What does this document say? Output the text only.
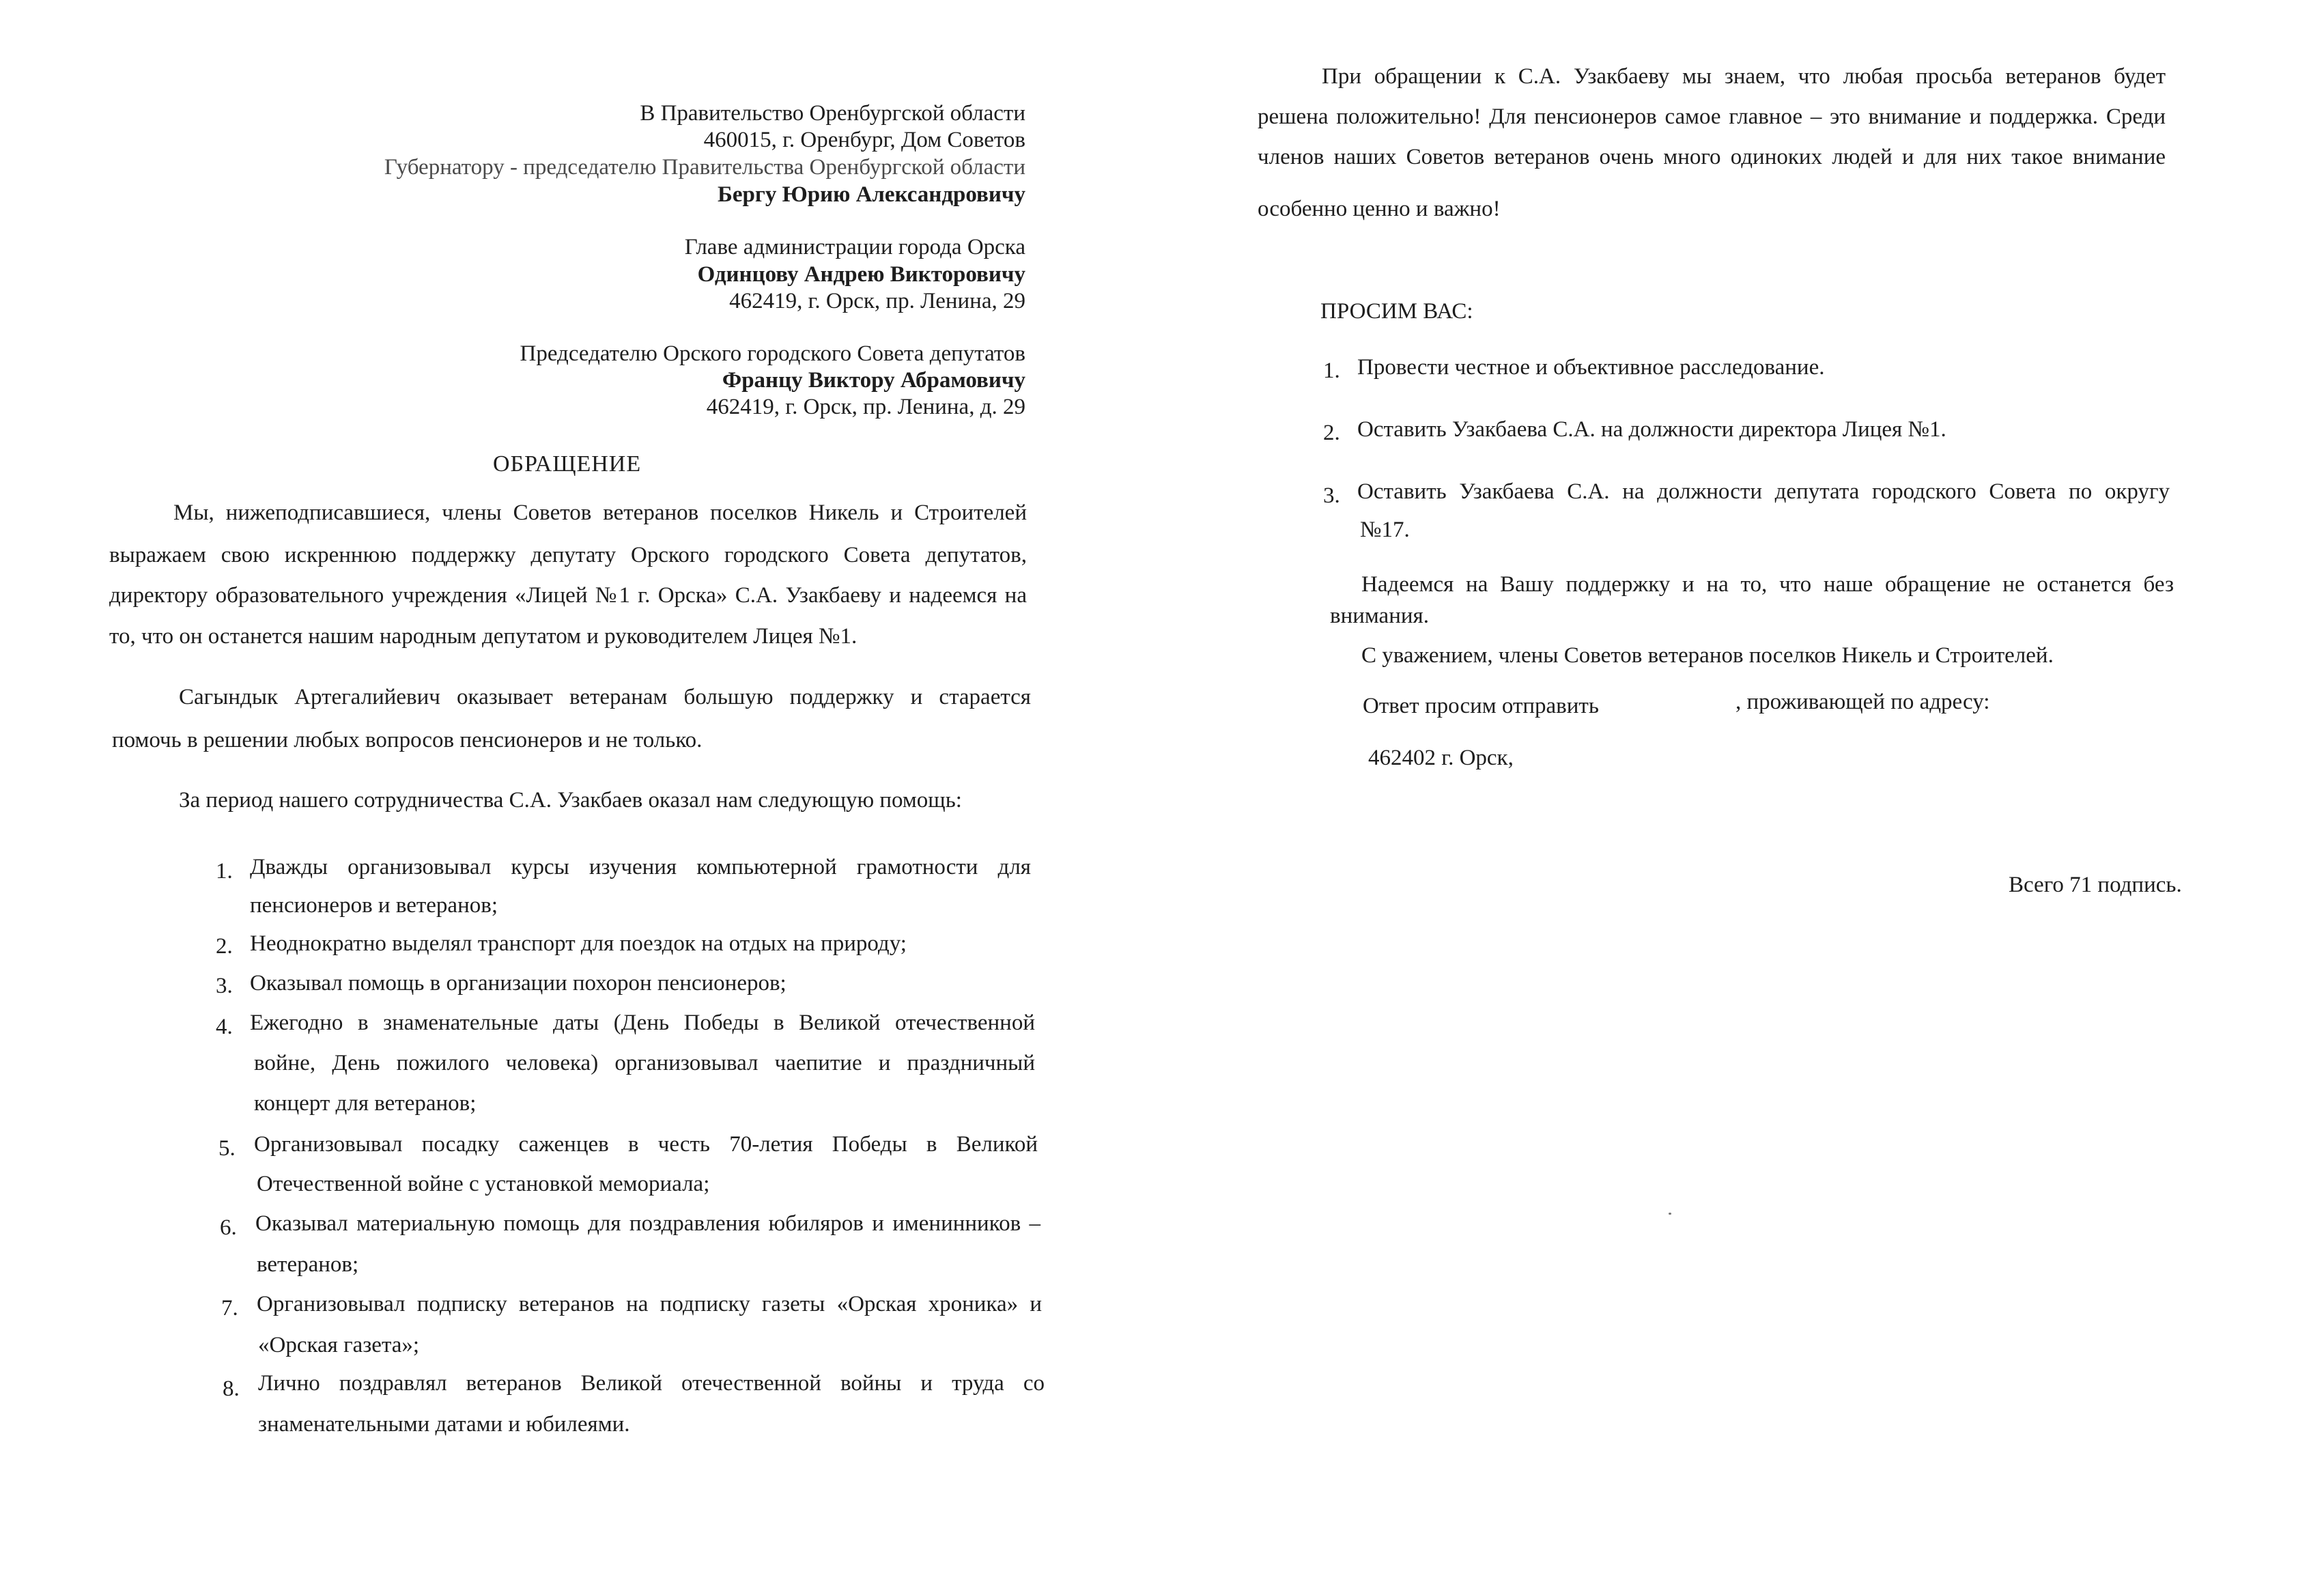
В Правительство Оренбургской области
460015, г. Оренбург, Дом Советов
Губернатору - председателю Правительства Оренбургской области
Бергу Юрию Александровичу
Главе администрации города Орска
Одинцову Андрею Викторовичу
462419, г. Орск, пр. Ленина, 29
Председателю Орского городского Совета депутатов
Францу Виктору Абрамовичу
462419, г. Орск, пр. Ленина, д. 29
ОБРАЩЕНИЕ
Мы, нижеподписавшиеся, члены Советов ветеранов поселков Никель и Строителей
выражаем свою искреннюю поддержку депутату Орского городского Совета депутатов,
директору образовательного учреждения «Лицей №1 г. Орска» С.А. Узакбаеву и надеемся на
то, что он останется нашим народным депутатом и руководителем Лицея №1.
Сагындык Артегалийевич оказывает ветеранам большую поддержку и старается
помочь в решении любых вопросов пенсионеров и не только.
За период нашего сотрудничества С.А. Узакбаев оказал нам следующую помощь:
1. Дважды организовывал курсы изучения компьютерной грамотности для
пенсионеров и ветеранов;
2. Неоднократно выделял транспорт для поездок на отдых на природу;
3. Оказывал помощь в организации похорон пенсионеров;
4. Ежегодно в знаменательные даты (День Победы в Великой отечественной
войне, День пожилого человека) организовывал чаепитие и праздничный
концерт для ветеранов;
5. Организовывал посадку саженцев в честь 70-летия Победы в Великой
Отечественной войне с установкой мемориала;
6. Оказывал материальную помощь для поздравления юбиляров и именинников –
ветеранов;
7. Организовывал подписку ветеранов на подписку газеты «Орская хроника» и
«Орская газета»;
8. Лично поздравлял ветеранов Великой отечественной войны и труда со
знаменательными датами и юбилеями.
При обращении к С.А. Узакбаеву мы знаем, что любая просьба ветеранов будет
решена положительно! Для пенсионеров самое главное – это внимание и поддержка. Среди
членов наших Советов ветеранов очень много одиноких людей и для них такое внимание
особенно ценно и важно!
ПРОСИМ ВАС:
1. Провести честное и объективное расследование.
2. Оставить Узакбаева С.А. на должности директора Лицея №1.
3. Оставить Узакбаева С.А. на должности депутата городского Совета по округу
№17.
Надеемся на Вашу поддержку и на то, что наше обращение не останется без
внимания.
С уважением, члены Советов ветеранов поселков Никель и Строителей.
Ответ просим отправить	, проживающей по адресу:
462402 г. Орск,
Всего 71 подпись.
